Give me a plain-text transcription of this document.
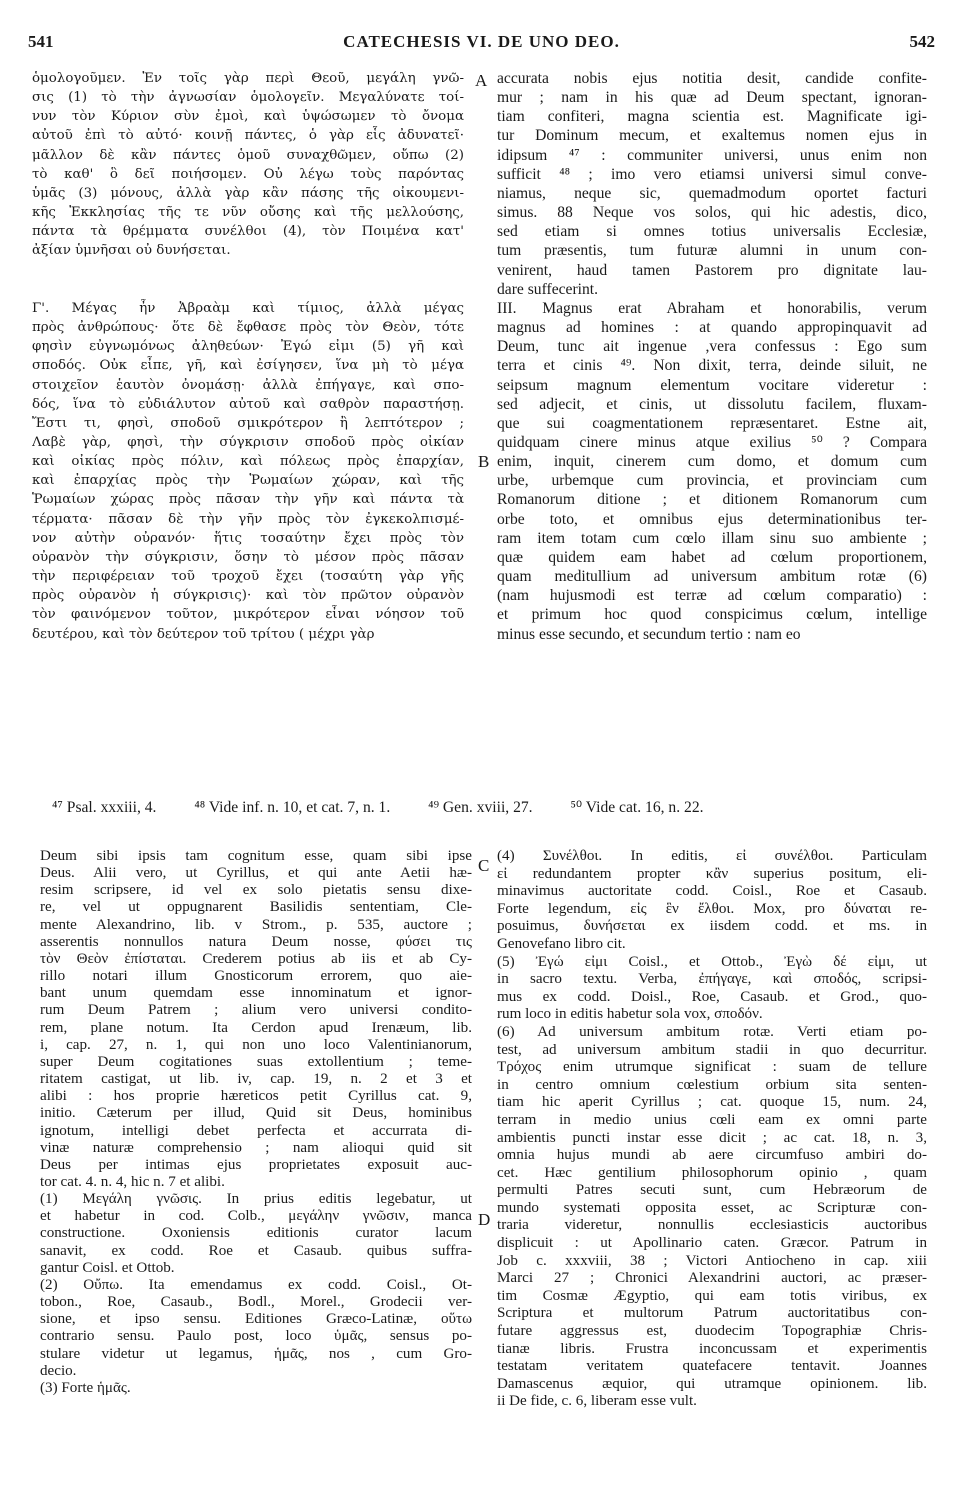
541	CATECHESIS VI. DE UNO DEO.	542
ὁμολογοῦμεν. Ἐν τοῖς γὰρ περὶ Θεοῦ, μεγάλη γνῶ-
σις (1) τὸ τὴν ἀγνωσίαν ὁμολογεῖν. Μεγαλύνατε τοί-
νυν τὸν Κύριον σὺν ἐμοὶ, καὶ ὑψώσωμεν τὸ ὄνομα
αὐτοῦ ἐπὶ τὸ αὐτό· κοινῇ πάντες, ὁ γὰρ εἷς ἀδυνατεῖ·
μᾶλλον δὲ κἂν πάντες ὁμοῦ συναχθῶμεν, οὔπω (2)
τὸ καθ' ὃ δεῖ ποιήσομεν. Οὐ λέγω τοὺς παρόντας
ὑμᾶς (3) μόνους, ἀλλὰ γὰρ κἂν πάσης τῆς οἰκουμενι-
κῆς Ἐκκλησίας τῆς τε νῦν οὔσης καὶ τῆς μελλούσης,
πάντα τὰ θρέμματα συνέλθοι (4), τὸν Ποιμένα κατ'
ἀξίαν ὑμνῆσαι οὐ δυνήσεται.

Γ'. Μέγας ἦν Ἀβραὰμ καὶ τίμιος, ἀλλὰ μέγας
πρὸς ἀνθρώπους· ὅτε δὲ ἔφθασε πρὸς τὸν Θεὸν, τότε
φησὶν εὐγνωμόνως ἀληθεύων· Ἐγώ εἰμι (5) γῆ καὶ
σποδός. Οὐκ εἶπε, γῆ, καὶ ἐσίγησεν, ἵνα μὴ τὸ μέγα
στοιχεῖον ἑαυτὸν ὀνομάσῃ· ἀλλὰ ἐπήγαγε, καὶ σπο-
δός, ἵνα τὸ εὐδιάλυτον αὐτοῦ καὶ σαθρὸν παραστήσῃ.
Ἔστι τι, φησὶ, σποδοῦ σμικρότερον ἢ λεπτότερον ;
Λαβὲ γὰρ, φησὶ, τὴν σύγκρισιν σποδοῦ πρὸς οἰκίαν
καὶ οἰκίας πρὸς πόλιν, καὶ πόλεως πρὸς ἐπαρχίαν,
καὶ ἐπαρχίας πρὸς τὴν Ῥωμαίων χώραν, καὶ τῆς
Ῥωμαίων χώρας πρὸς πᾶσαν τὴν γῆν καὶ πάντα τὰ
τέρματα· πᾶσαν δὲ τὴν γῆν πρὸς τὸν ἐγκεκολπισμέ-
νον αὐτὴν οὐρανόν· ἥτις τοσαύτην ἔχει πρὸς τὸν
οὐρανὸν τὴν σύγκρισιν, ὅσην τὸ μέσον πρὸς πᾶσαν
τὴν περιφέρειαν τοῦ τροχοῦ ἔχει (τοσαύτη γὰρ γῆς
πρὸς οὐρανὸν ἡ σύγκρισις)· καὶ τὸν πρῶτον οὐρανὸν
τὸν φαινόμενον τοῦτον, μικρότερον εἶναι νόησον τοῦ
δευτέρου, καὶ τὸν δεύτερον τοῦ τρίτου ( μέχρι γὰρ
accurata nobis ejus notitia desit, candide confite-
mur ; nam in his quæ ad Deum spectant, ignoran-
tiam confiteri, magna scientia est. Magnificate igi-
tur Dominum mecum, et exaltemus nomen ejus in
idipsum ⁴⁷ : communiter universi, unus enim non
sufficit ⁴⁸ ; imo vero etiamsi universi simul conve-
niamus, neque sic, quemadmodum oportet facturi
simus. 88 Neque vos solos, qui hic adestis, dico,
sed etiam si omnes totius universalis Ecclesiæ,
tum præsentis, tum futuræ alumni in unum con-
venirent, haud tamen Pastorem pro dignitate lau-
dare suffecerint.
III. Magnus erat Abraham et honorabilis, verum
magnus ad homines : at quando appropinquavit ad
Deum, tunc ait ingenue ,vera confessus : Ego sum
terra et cinis ⁴⁹. Non dixit, terra, deinde siluit, ne
seipsum magnum elementum vocitare videretur :
sed adjecit, et cinis, ut dissolutu facilem, fluxam-
que sui coagmentationem repræsentaret. Estne ait,
quidquam cinere minus atque exilius ⁵⁰ ? Compara
enim, inquit, cinerem cum domo, et domum cum
urbe, urbemque cum provincia, et provinciam cum
Romanorum ditione ; et ditionem Romanorum cum
orbe toto, et omnibus ejus determinationibus ter-
ram item totam cum cœlo illam sinu suo ambiente ;
quæ quidem eam habet ad cœlum proportionem,
quam meditullium ad universum ambitum rotæ (6)
(nam hujusmodi est terræ ad cœlum comparatio) :
et primum hoc quod conspicimus cœlum, intellige
minus esse secundo, et secundum tertio : nam eo
A
B
C
D
⁴⁷ Psal. xxxiii, 4. ⁴⁸ Vide inf. n. 10, et cat. 7, n. 1. ⁴⁹ Gen. xviii, 27. ⁵⁰ Vide cat. 16, n. 22.
Deum sibi ipsis tam cognitum esse, quam sibi ipse
Deus. Alii vero, ut Cyrillus, et qui ante Aetii hæ-
resim scripsere, id vel ex solo pietatis sensu dixe-
re, vel ut oppugnarent Basilidis sententiam, Cle-
mente Alexandrino, lib. v Strom., p. 535, auctore ;
asserentis nonnullos natura Deum nosse, φύσει τις
τὸν Θεὸν ἐπίσταται. Crederem potius ab iis et ab Cy-
rillo notari illum Gnosticorum errorem, quo aie-
bant unum quemdam esse innominatum et ignor-
rum Deum Patrem ; alium vero universi condito-
rem, plane notum. Ita Cerdon apud Irenæum, lib.
i, cap. 27, n. 1, qui non uno loco Valentinianorum,
super Deum cogitationes suas extollentium ; teme-
ritatem castigat, ut lib. iv, cap. 19, n. 2 et 3 et
alibi : hos proprie hæreticos petit Cyrillus cat. 9,
initio. Cæterum per illud, Quid sit Deus, hominibus
ignotum, intelligi debet perfecta et accurrata di-
vinæ naturæ comprehensio ; nam alioqui quid sit
Deus per intimas ejus proprietates exposuit auc-
tor cat. 4. n. 4, hic n. 7 et alibi.
(1) Μεγάλη γνῶσις. In prius editis legebatur, ut
et habetur in cod. Colb., μεγάλην γνῶσιν, manca
constructione. Oxoniensis editionis curator lacum
sanavit, ex codd. Roe et Casaub. quibus suffra-
gantur Coisl. et Ottob.
(2) Οὔπω. Ita emendamus ex codd. Coisl., Ot-
tobon., Roe, Casaub., Bodl., Morel., Grodecii ver-
sione, et ipso sensu. Editiones Græco-Latinæ, οὕτω
contrario sensu. Paulo post, loco ὑμᾶς, sensus po-
stulare videtur ut legamus, ἡμᾶς, nos , cum Gro-
decio.
(3) Forte ἡμᾶς.
(4) Συνέλθοι. In editis, εἰ συνέλθοι. Particulam
εἰ redundantem propter κἂν superius positum, eli-
minavimus auctoritate codd. Coisl., Roe et Casaub.
Forte legendum, εἰς ἓν ἔλθοι. Mox, pro δύναται re-
posuimus, δυνήσεται ex iisdem codd. et ms. in
Genovefano libro cit.
(5) Ἐγώ εἰμι Coisl., et Ottob., Ἐγὼ δέ εἰμι, ut
in sacro textu. Verba, ἐπήγαγε, καὶ σποδός, scripsi-
mus ex codd. Doisl., Roe, Casaub. et Grod., quo-
rum loco in editis habetur sola vox, σποδόν.
(6) Ad universum ambitum rotæ. Verti etiam po-
test, ad universum ambitum stadii in quo decurritur.
Τρόχος enim utrumque significat : suam de tellure
in centro omnium cœlestium orbium sita senten-
tiam hic aperit Cyrillus ; cat. quoque 15, num. 24,
terram in medio unius cœli eam ex omni parte
ambientis puncti instar esse dicit ; ac cat. 18, n. 3,
omnia hujus mundi ab aere circumfuso ambiri do-
cet. Hæc gentilium philosophorum opinio , quam
permulti Patres secuti sunt, cum Hebræorum de
mundo systemati opposita esset, ac Scripturæ con-
traria videretur, nonnullis ecclesiasticis auctoribus
displicuit : ut Apollinario caten. Græcor. Patrum in
Job c. xxxviii, 38 ; Victori Antiocheno in cap. xiii
Marci 27 ; Chronici Alexandrini auctori, ac præser-
tim Cosmæ Ægyptio, qui eam totis viribus, ex
Scriptura et multorum Patrum auctoritatibus con-
futare aggressus est, duodecim Topographiæ Chris-
tianæ libris. Frustra inconcussam et experimentis
testatam veritatem quatefacere tentavit. Joannes
Damascenus æquior, qui utramque opinionem. lib.
ii De fide, c. 6, liberam esse vult.
